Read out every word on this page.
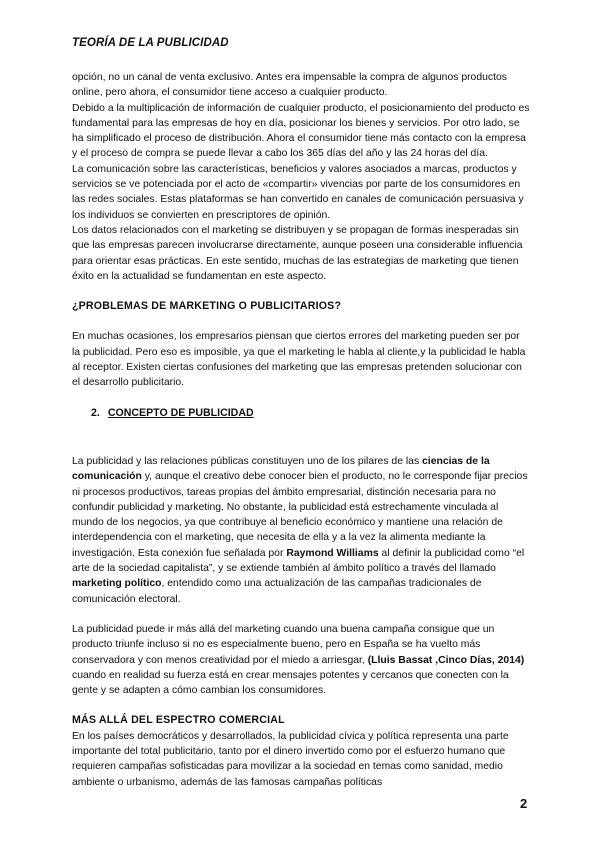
TEORÍA DE LA PUBLICIDAD

opción, no un canal de venta exclusivo. Antes era impensable la compra de algunos productos online, pero ahora, el consumidor tiene acceso a cualquier producto.

Debido a la multiplicación de información de cualquier producto, el posicionamiento del producto es fundamental para las empresas de hoy en día, posicionar los bienes y servicios. Por otro lado, se ha simplificado el proceso de distribución. Ahora el consumidor tiene más contacto con la empresa y el proceso de compra se puede llevar a cabo los 365 días del año y las 24 horas del día.

La comunicación sobre las características, beneficios y valores asociados a marcas, productos y servicios se ve potenciada por el acto de «compartir» vivencias por parte de los consumidores en las redes sociales. Estas plataformas se han convertido en canales de comunicación persuasiva y los individuos se convierten en prescriptores de opinión.

Los datos relacionados con el marketing se distribuyen y se propagan de formas inesperadas sin que las empresas parecen involucrarse directamente, aunque poseen una considerable influencia para orientar esas prácticas. En este sentido, muchas de las estrategias de marketing que tienen éxito en la actualidad se fundamentan en este aspecto.

¿PROBLEMAS DE MARKETING O PUBLICITARIOS?

En muchas ocasiones, los empresarios piensan que ciertos errores del marketing pueden ser por la publicidad. Pero eso es imposible, ya que el marketing le habla al cliente,y la publicidad le habla al receptor. Existen ciertas confusiones del marketing que las empresas pretenden solucionar con el desarrollo publicitario.

2. CONCEPTO DE PUBLICIDAD

La publicidad y las relaciones públicas constituyen uno de los pilares de las ciencias de la comunicación y, aunque el creativo debe conocer bien el producto, no le corresponde fijar precios ni procesos productivos, tareas propias del ámbito empresarial, distinción necesaria para no confundir publicidad y marketing. No obstante, la publicidad está estrechamente vinculada al mundo de los negocios, ya que contribuye al beneficio económico y mantiene una relación de interdependencia con el marketing, que necesita de ella y a la vez la alimenta mediante la investigación. Esta conexión fue señalada por Raymond Williams al definir la publicidad como “el arte de la sociedad capitalista”, y se extiende también al ámbito político a través del llamado marketing político, entendido como una actualización de las campañas tradicionales de comunicación electoral.

La publicidad puede ir más allá del marketing cuando una buena campaña consigue que un producto triunfe incluso si no es especialmente bueno, pero en España se ha vuelto más conservadora y con menos creatividad por el miedo a arriesgar, (Lluis Bassat ,Cinco Días, 2014) cuando en realidad su fuerza está en crear mensajes potentes y cercanos que conecten con la gente y se adapten a cómo cambian los consumidores.

MÁS ALLÁ DEL ESPECTRO COMERCIAL

En los países democráticos y desarrollados, la publicidad cívica y política representa una parte importante del total publicitario, tanto por el dinero invertido como por el esfuerzo humano que requieren campañas sofisticadas para movilizar a la sociedad en temas como sanidad, medio ambiente o urbanismo, además de las famosas campañas políticas

2
